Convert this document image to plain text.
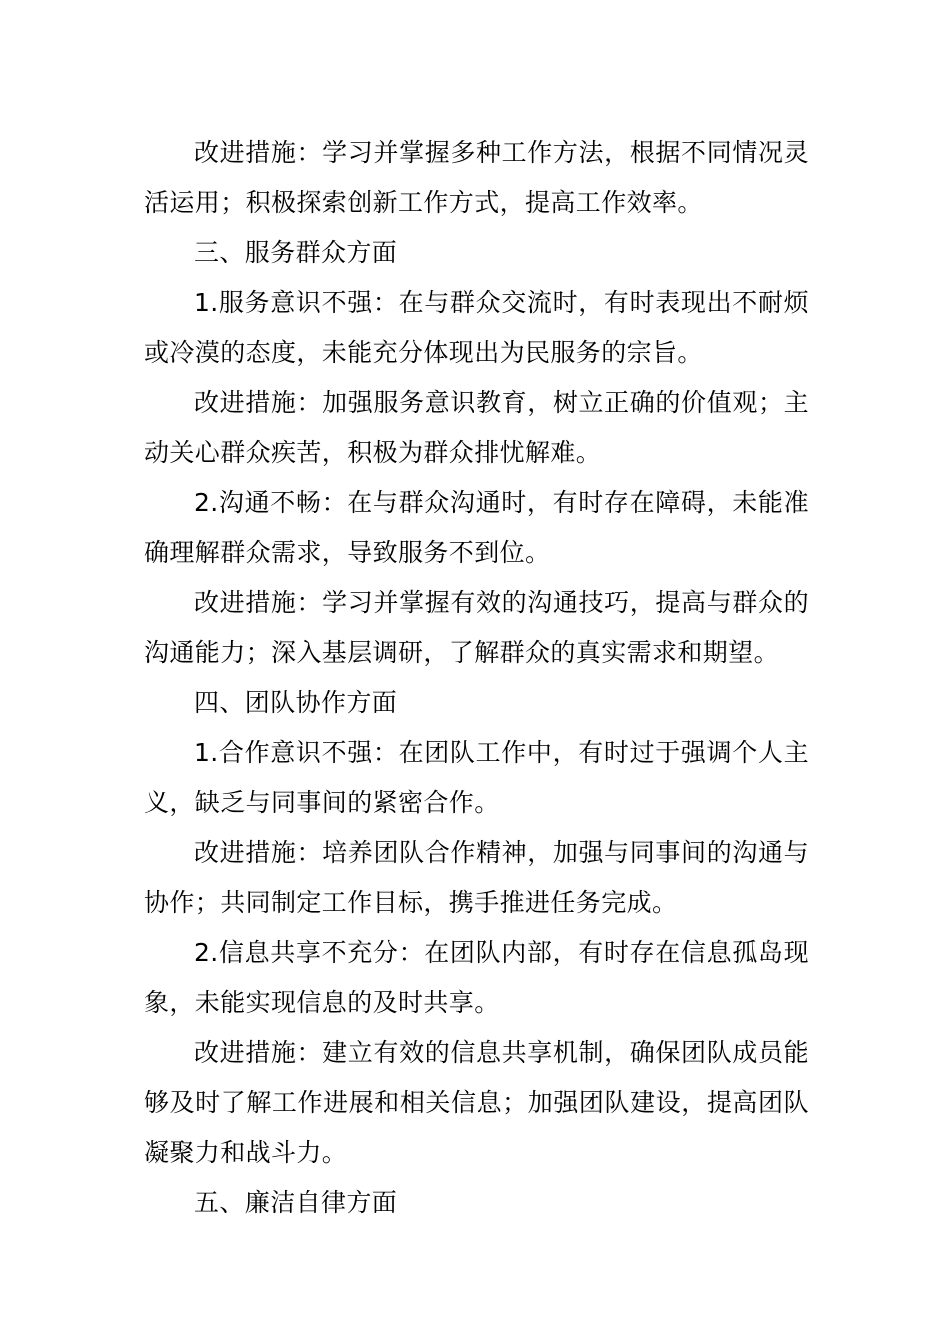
改进措施：学习并掌握多种工作方法，根据不同情况灵活运用；积极探索创新工作方式，提高工作效率。

三、服务群众方面

1.服务意识不强：在与群众交流时，有时表现出不耐烦或冷漠的态度，未能充分体现出为民服务的宗旨。

改进措施：加强服务意识教育，树立正确的价值观；主动关心群众疾苦，积极为群众排忧解难。

2.沟通不畅：在与群众沟通时，有时存在障碍，未能准确理解群众需求，导致服务不到位。

改进措施：学习并掌握有效的沟通技巧，提高与群众的沟通能力；深入基层调研，了解群众的真实需求和期望。

四、团队协作方面

1.合作意识不强：在团队工作中，有时过于强调个人主义，缺乏与同事间的紧密合作。

改进措施：培养团队合作精神，加强与同事间的沟通与协作；共同制定工作目标，携手推进任务完成。

2.信息共享不充分：在团队内部，有时存在信息孤岛现象，未能实现信息的及时共享。

改进措施：建立有效的信息共享机制，确保团队成员能够及时了解工作进展和相关信息；加强团队建设，提高团队凝聚力和战斗力。

五、廉洁自律方面
